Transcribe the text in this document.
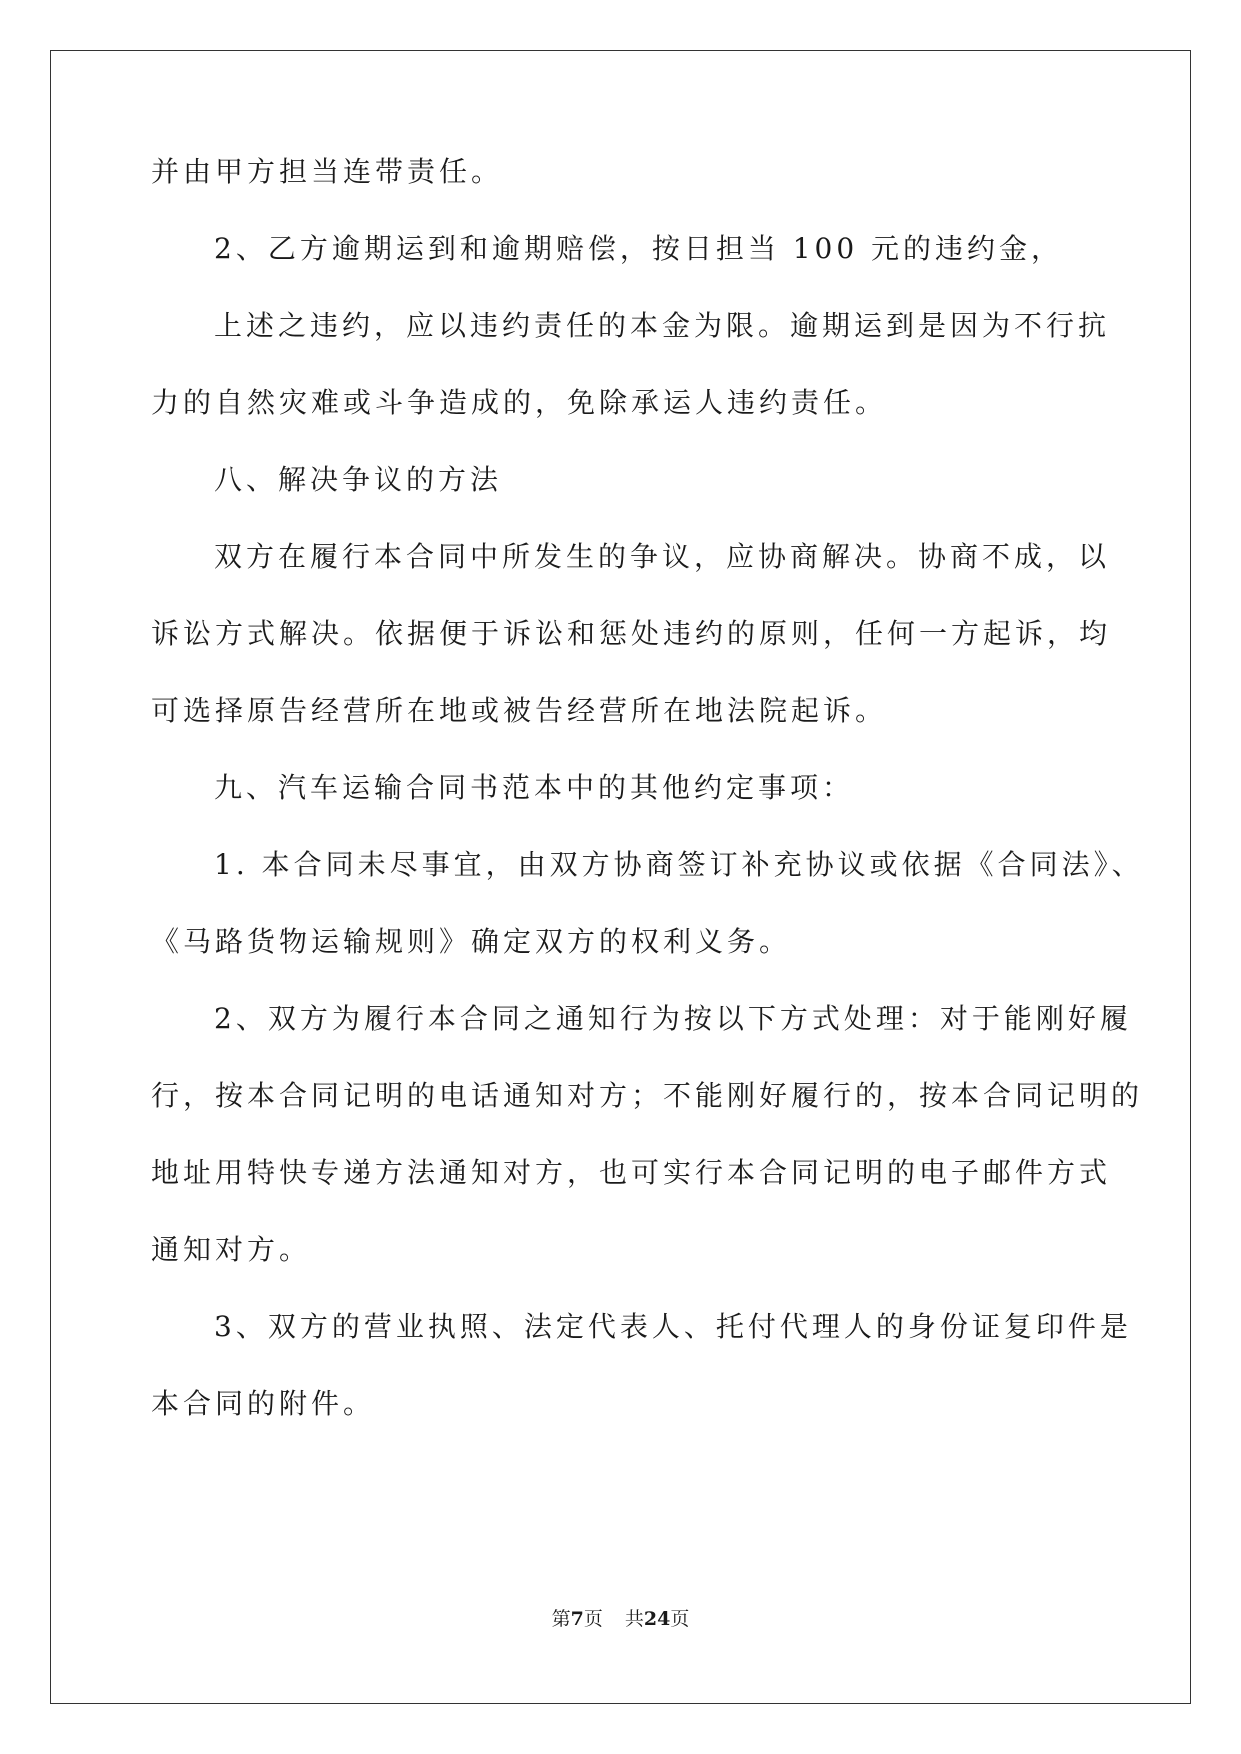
并由甲方担当连带责任。
2、乙方逾期运到和逾期赔偿，按日担当 100 元的违约金，
上述之违约，应以违约责任的本金为限。逾期运到是因为不行抗
力的自然灾难或斗争造成的，免除承运人违约责任。
八、解决争议的方法
双方在履行本合同中所发生的争议，应协商解决。协商不成，以
诉讼方式解决。依据便于诉讼和惩处违约的原则，任何一方起诉，均
可选择原告经营所在地或被告经营所在地法院起诉。
九、汽车运输合同书范本中的其他约定事项：
1. 本合同未尽事宜，由双方协商签订补充协议或依据《合同法》、
《马路货物运输规则》确定双方的权利义务。
2、双方为履行本合同之通知行为按以下方式处理：对于能刚好履
行，按本合同记明的电话通知对方；不能刚好履行的，按本合同记明的
地址用特快专递方法通知对方，也可实行本合同记明的电子邮件方式
通知对方。
3、双方的营业执照、法定代表人、托付代理人的身份证复印件是
本合同的附件。
第7页 共24页
